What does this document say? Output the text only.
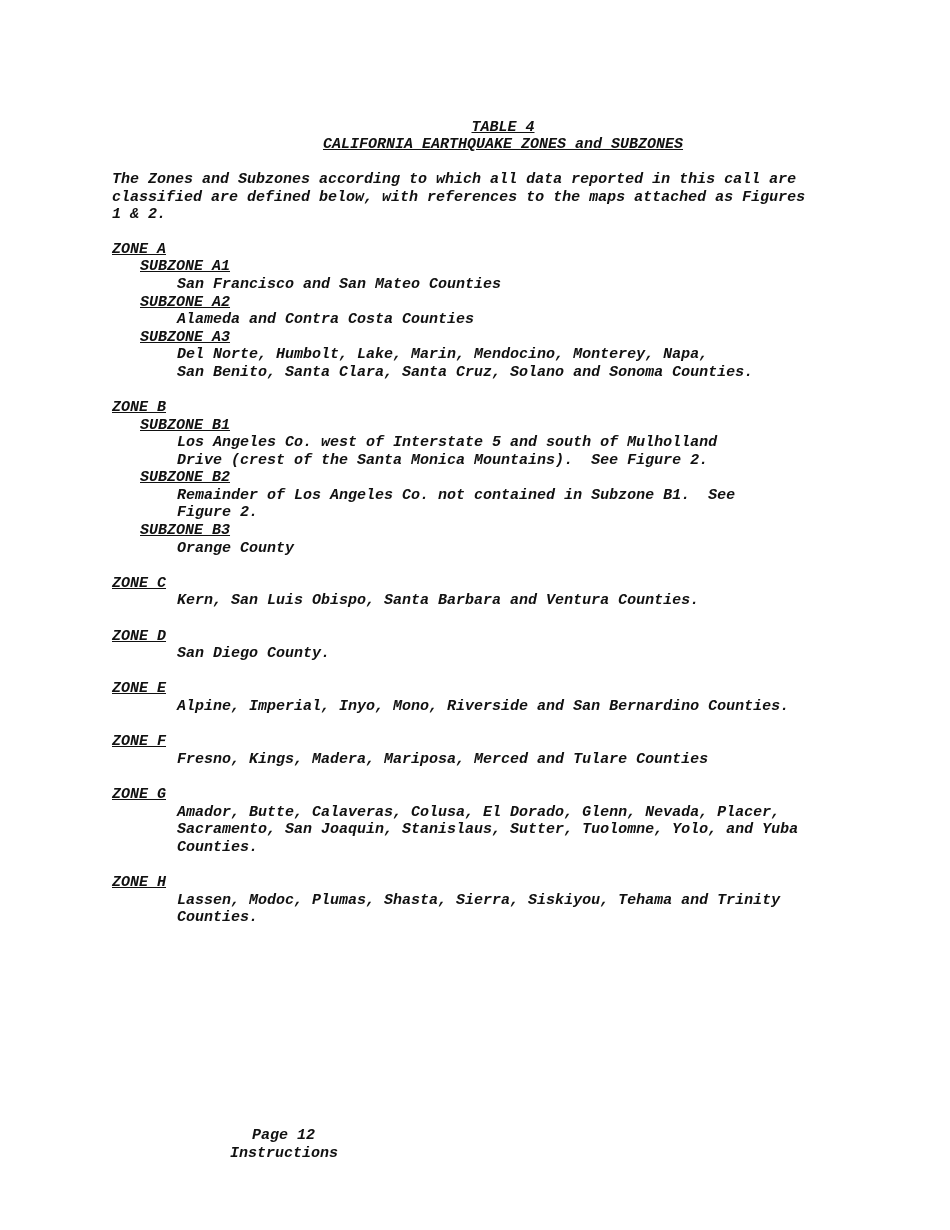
TABLE 4
CALIFORNIA EARTHQUAKE ZONES and SUBZONES
The Zones and Subzones according to which all data reported in this call are
classified are defined below, with references to the maps attached as Figures
1 & 2.
ZONE A
SUBZONE A1
San Francisco and San Mateo Counties
SUBZONE A2
Alameda and Contra Costa Counties
SUBZONE A3
Del Norte, Humbolt, Lake, Marin, Mendocino, Monterey, Napa,
San Benito, Santa Clara, Santa Cruz, Solano and Sonoma Counties.
ZONE B
SUBZONE B1
Los Angeles Co. west of Interstate 5 and south of Mulholland
Drive (crest of the Santa Monica Mountains).  See Figure 2.
SUBZONE B2
Remainder of Los Angeles Co. not contained in Subzone B1.  See
Figure 2.
SUBZONE B3
Orange County
ZONE C
Kern, San Luis Obispo, Santa Barbara and Ventura Counties.
ZONE D
San Diego County.
ZONE E
Alpine, Imperial, Inyo, Mono, Riverside and San Bernardino Counties.
ZONE F
Fresno, Kings, Madera, Mariposa, Merced and Tulare Counties
ZONE G
Amador, Butte, Calaveras, Colusa, El Dorado, Glenn, Nevada, Placer,
Sacramento, San Joaquin, Stanislaus, Sutter, Tuolomne, Yolo, and Yuba
Counties.
ZONE H
Lassen, Modoc, Plumas, Shasta, Sierra, Siskiyou, Tehama and Trinity
Counties.
Page 12
Instructions
